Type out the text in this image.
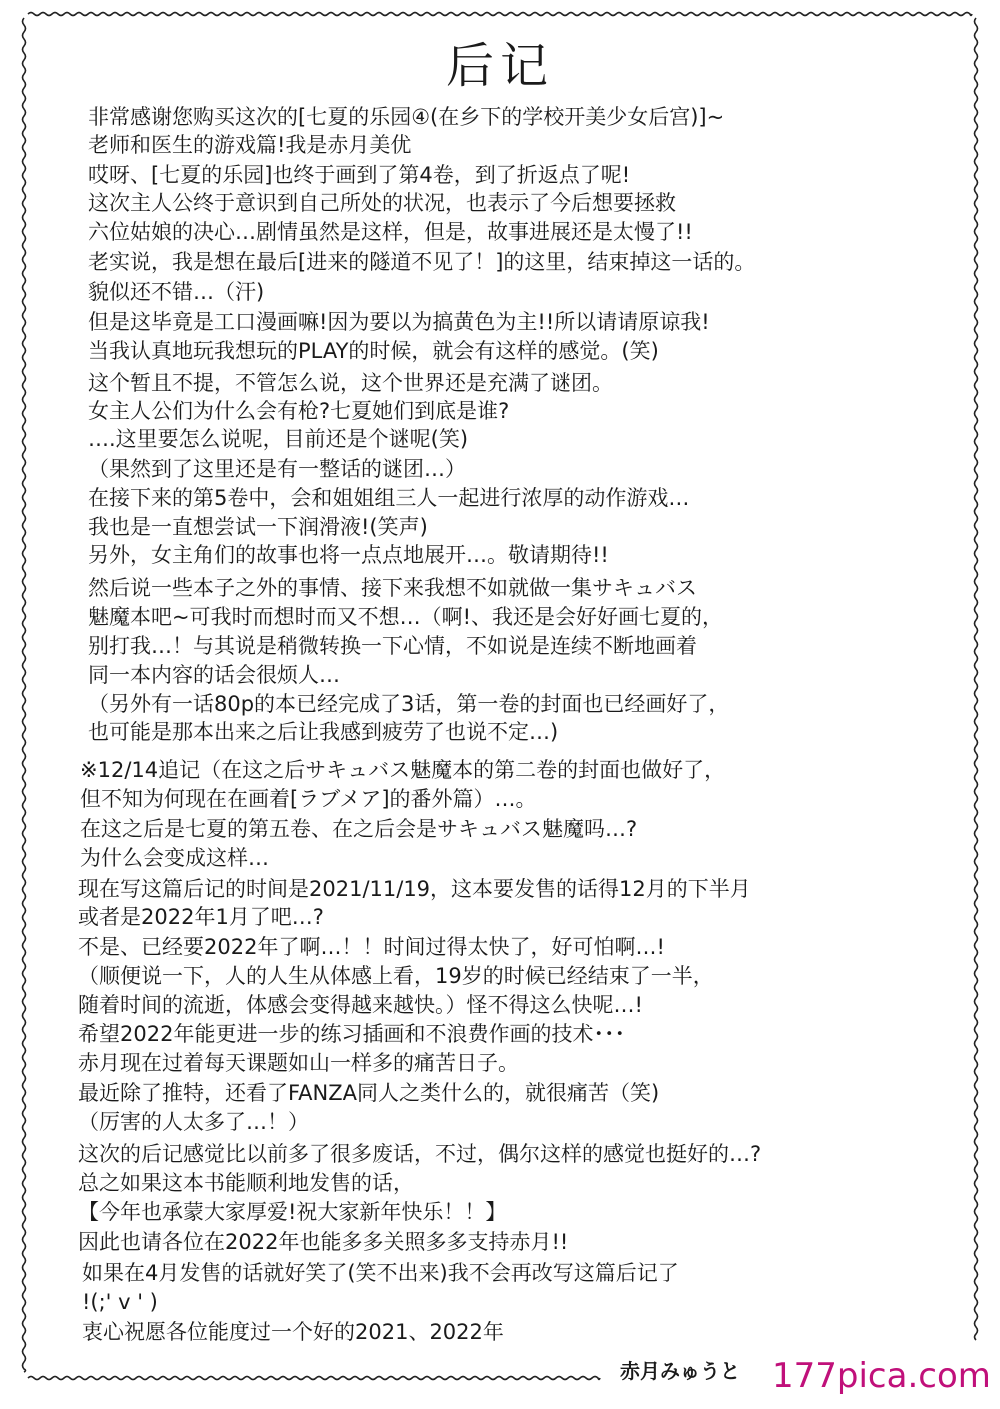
后记
非常感谢您购买这次的[七夏的乐园④(在乡下的学校开美少女后宫)]~
老师和医生的游戏篇!我是赤月美优
哎呀、[七夏的乐园]也终于画到了第4卷，到了折返点了呢!
这次主人公终于意识到自己所处的状况，也表示了今后想要拯救
六位姑娘的决心…剧情虽然是这样，但是，故事进展还是太慢了!!
老实说，我是想在最后[进来的隧道不见了！]的这里，结束掉这一话的。
貌似还不错…（汗)
但是这毕竟是工口漫画嘛!因为要以为搞黄色为主!!所以请请原谅我!
当我认真地玩我想玩的PLAY的时候，就会有这样的感觉。(笑)
这个暂且不提，不管怎么说，这个世界还是充满了谜团。
女主人公们为什么会有枪?七夏她们到底是谁?
….这里要怎么说呢，目前还是个谜呢(笑)
（果然到了这里还是有一整话的谜团…）
在接下来的第5卷中，会和姐姐组三人一起进行浓厚的动作游戏…
我也是一直想尝试一下润滑液!(笑声)
另外，女主角们的故事也将一点点地展开…。敬请期待!!
然后说一些本子之外的事情、接下来我想不如就做一集サキュバス
魅魔本吧~可我时而想时而又不想…（啊!、我还是会好好画七夏的，
别打我…！与其说是稍微转换一下心情，不如说是连续不断地画着
同一本内容的话会很烦人…
（另外有一话80p的本已经完成了3话，第一卷的封面也已经画好了，
也可能是那本出来之后让我感到疲劳了也说不定…)
※12/14追记（在这之后サキュバス魅魔本的第二卷的封面也做好了，
但不知为何现在在画着[ラブメア]的番外篇）…。
在这之后是七夏的第五卷、在之后会是サキュバス魅魔吗…?
为什么会变成这样…
现在写这篇后记的时间是2021/11/19，这本要发售的话得12月的下半月
或者是2022年1月了吧…?
不是、已经要2022年了啊…！！时间过得太快了，好可怕啊…!
（顺便说一下，人的人生从体感上看，19岁的时候已经结束了一半，
随着时间的流逝，体感会变得越来越快。）怪不得这么快呢…!
希望2022年能更进一步的练习插画和不浪费作画的技术･･･
赤月现在过着每天课题如山一样多的痛苦日子。
最近除了推特，还看了FANZA同人之类什么的，就很痛苦（笑)
（厉害的人太多了…！）
这次的后记感觉比以前多了很多废话，不过，偶尔这样的感觉也挺好的…?
总之如果这本书能顺利地发售的话，
【今年也承蒙大家厚爱!祝大家新年快乐！！】
因此也请各位在2022年也能多多关照多多支持赤月!!
如果在4月发售的话就好笑了(笑不出来)我不会再改写这篇后记了
!(;' v ' )
衷心祝愿各位能度过一个好的2021、2022年
赤月みゅうと 177pica.com
